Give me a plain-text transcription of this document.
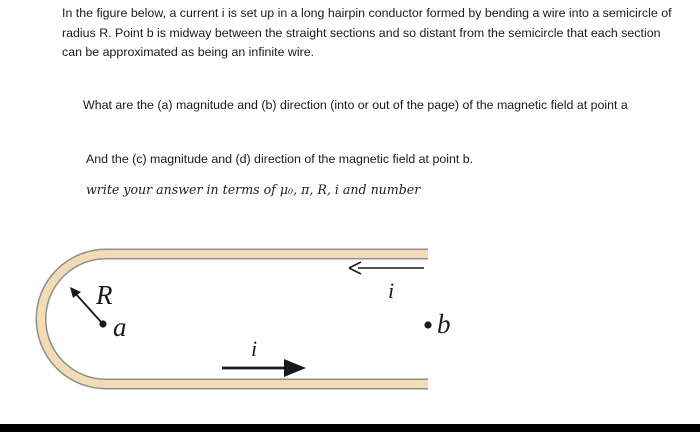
In the figure below, a current i is set up in a long hairpin conductor formed by bending a wire into a semicircle of radius R. Point b is midway between the straight sections and so distant from the semicircle that each section can be approximated as being an infinite wire.

What are the (a) magnitude and (b) direction (into or out of the page) of the magnetic field at point a

And the (c) magnitude and (d) direction of the magnetic field at point b.

write your answer in terms of μ₀, π, R, i and number

i
i
R
a	b
